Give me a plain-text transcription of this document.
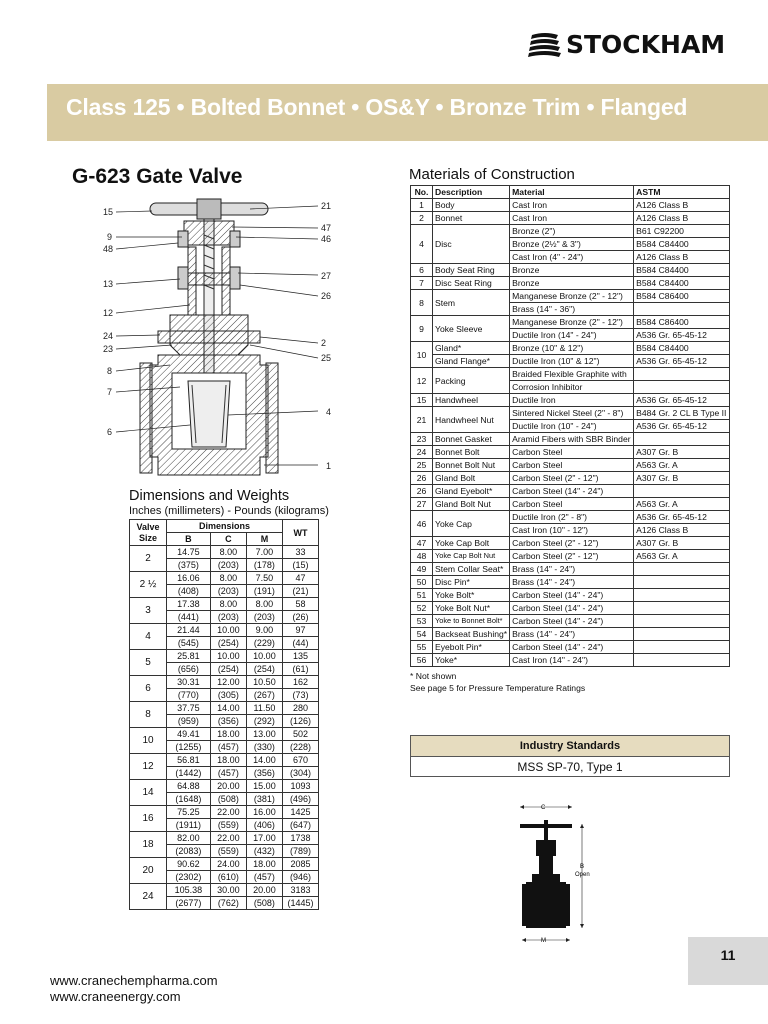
STOCKHAM
Class 125 • Bolted Bonnet • OS&Y • Bronze Trim • Flanged
G-623 Gate Valve
15
9
48
13
12
24
23
8
7
6
21
47
46
27
26
2
25
4
1
Dimensions and Weights
Inches (millimeters) - Pounds (kilograms)
Valve Size	Dimensions			WT
	B	C	M	
2	14.75	8.00	7.00	33
	(375)	(203)	(178)	(15)
2 ½	16.06	8.00	7.50	47
	(408)	(203)	(191)	(21)
3	17.38	8.00	8.00	58
	(441)	(203)	(203)	(26)
4	21.44	10.00	9.00	97
	(545)	(254)	(229)	(44)
5	25.81	10.00	10.00	135
	(656)	(254)	(254)	(61)
6	30.31	12.00	10.50	162
	(770)	(305)	(267)	(73)
8	37.75	14.00	11.50	280
	(959)	(356)	(292)	(126)
10	49.41	18.00	13.00	502
	(1255)	(457)	(330)	(228)
12	56.81	18.00	14.00	670
	(1442)	(457)	(356)	(304)
14	64.88	20.00	15.00	1093
	(1648)	(508)	(381)	(496)
16	75.25	22.00	16.00	1425
	(1911)	(559)	(406)	(647)
18	82.00	22.00	17.00	1738
	(2083)	(559)	(432)	(789)
20	90.62	24.00	18.00	2085
	(2302)	(610)	(457)	(946)
24	105.38	30.00	20.00	3183
	(2677)	(762)	(508)	(1445)
Materials of Construction
No.	Description	Material	ASTM
1	Body	Cast Iron	A126 Class B
2	Bonnet	Cast Iron	A126 Class B
4	Disc	Bronze (2")	B61 C92200
		Bronze (2½" & 3")	B584 C84400
		Cast Iron (4" - 24")	A126 Class B
6	Body Seat Ring	Bronze	B584 C84400
7	Disc Seat Ring	Bronze	B584 C84400
8	Stem	Manganese Bronze (2" - 12")	B584 C86400
		Brass (14" - 36")	
9	Yoke Sleeve	Manganese Bronze (2" - 12")	B584 C86400
		Ductile Iron (14" - 24")	A536 Gr. 65-45-12
10	Gland*	Bronze (10" & 12")	B584 C84400
	Gland Flange*	Ductile Iron (10" & 12")	A536 Gr. 65-45-12
12	Packing	Braided Flexible Graphite with	
		Corrosion Inhibitor	
15	Handwheel	Ductile Iron	A536 Gr. 65-45-12
21	Handwheel Nut	Sintered Nickel Steel (2" - 8")	B484 Gr. 2 CL B Type II
		Ductile Iron (10" - 24")	A536 Gr. 65-45-12
23	Bonnet Gasket	Aramid Fibers with SBR Binder	
24	Bonnet Bolt	Carbon Steel	A307 Gr. B
25	Bonnet Bolt Nut	Carbon Steel	A563 Gr. A
26	Gland Bolt	Carbon Steel (2" - 12")	A307 Gr. B
26	Gland Eyebolt*	Carbon Steel (14" - 24")	
27	Gland Bolt Nut	Carbon Steel	A563 Gr. A
46	Yoke Cap	Ductile Iron (2" - 8")	A536 Gr. 65-45-12
		Cast Iron (10" - 12")	A126 Class B
47	Yoke Cap Bolt	Carbon Steel (2" - 12")	A307 Gr. B
48	Yoke Cap Bolt Nut	Carbon Steel (2" - 12")	A563 Gr. A
49	Stem Collar Seat*	Brass (14" - 24")	
50	Disc Pin*	Brass (14" - 24")	
51	Yoke Bolt*	Carbon Steel (14" - 24")	
52	Yoke Bolt Nut*	Carbon Steel (14" - 24")	
53	Yoke to Bonnet Bolt*	Carbon Steel (14" - 24")	
54	Backseat Bushing*	Brass (14" - 24")	
55	Eyebolt Pin*	Carbon Steel (14" - 24")	
56	Yoke*	Cast Iron (14" - 24")	
* Not shown
See page 5 for Pressure Temperature Ratings
Industry Standards
MSS SP-70, Type 1
C
B
Open
M
11
www.cranechempharma.com
www.craneenergy.com
